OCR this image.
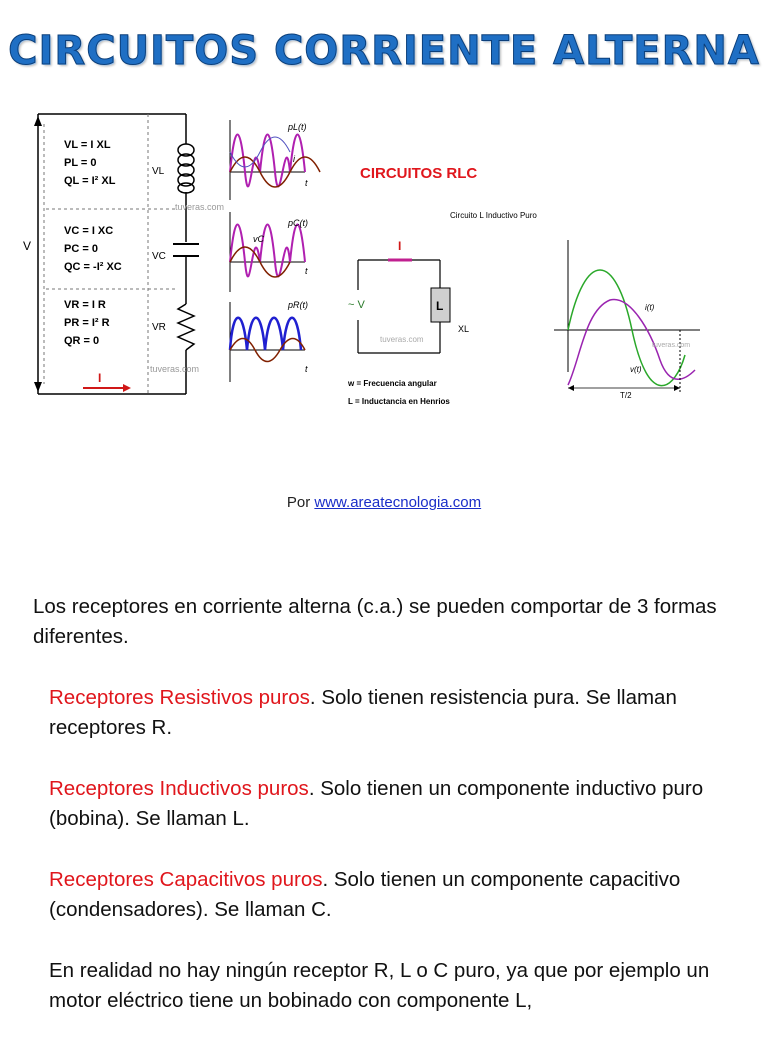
CIRCUITOS CORRIENTE ALTERNA
V
I
VL
VC
VR
VL = I XL
PL = 0
QL = I² XL
VC = I XC
PC = 0
QC = -I² XC
VR = I R
PR = I² R
QR = 0
tuveras.com
pL(t)
pC(t)
pR(t)
i
t
t
t
vC
tuveras.com
CIRCUITOS RLC
Circuito L Inductivo Puro
L
I
~ V
XL
tuveras.com
w = Frecuencia angular
L = Inductancia en Henrios
i(t)
v(t)
T/2
tuveras.com
Por www.areatecnologia.com

Los receptores en corriente alterna (c.a.) se pueden comportar de 3 formas diferentes.

Receptores Resistivos puros. Solo tienen resistencia pura. Se llaman receptores R.

Receptores Inductivos puros. Solo tienen un componente inductivo puro (bobina). Se llaman L.

Receptores Capacitivos puros. Solo tienen un componente capacitivo (condensadores). Se llaman C.

En realidad no hay ningún receptor R, L o C puro, ya que por ejemplo un motor eléctrico tiene un bobinado con componente L,
